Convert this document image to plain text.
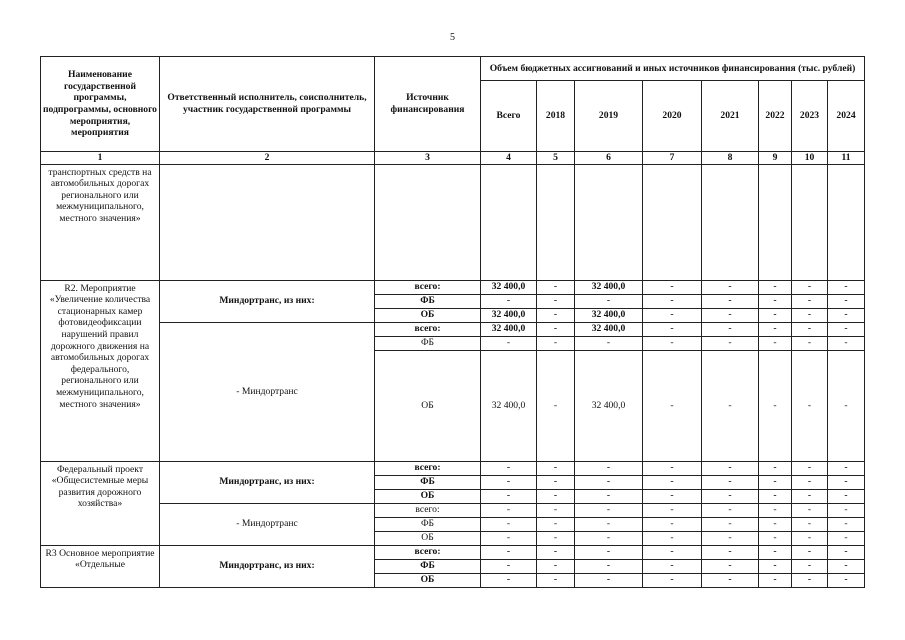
5
Наименование государственной программы, подпрограммы, основного мероприятия, мероприятия	Ответственный исполнитель, соисполнитель, участник государственной программы	Источник финансирования	Объем бюджетных ассигнований и иных источников финансирования (тыс. рублей)							
			Всего	2018	2019	2020	2021	2022	2023	2024
1	2	3	4	5	6	7	8	9	10	11
транспортных средств на автомобильных дорогах регионального или межмуниципального, местного значения»										
R2. Мероприятие «Увеличение количества стационарных камер фотовидеофиксации нарушений правил дорожного движения на автомобильных дорогах федерального, регионального или межмуниципального, местного значения»	Миндортранс, из них:	всего:	32 400,0	-	32 400,0	-	-	-	-	-
		ФБ	-	-	-	-	-	-	-	-
		ОБ	32 400,0	-	32 400,0	-	-	-	-	-
	- Миндортранс	всего:	32 400,0	-	32 400,0	-	-	-	-	-
		ФБ	-	-	-	-	-	-	-	-
		ОБ	32 400,0	-	32 400,0	-	-	-	-	-
Федеральный проект «Общесистемные меры развития дорожного хозяйства»	Миндортранс, из них:	всего:	-	-	-	-	-	-	-	-
		ФБ	-	-	-	-	-	-	-	-
		ОБ	-	-	-	-	-	-	-	-
	- Миндортранс	всего:	-	-	-	-	-	-	-	-
		ФБ	-	-	-	-	-	-	-	-
		ОБ	-	-	-	-	-	-	-	-
R3 Основное мероприятие «Отдельные	Миндортранс, из них:	всего:	-	-	-	-	-	-	-	-
		ФБ	-	-	-	-	-	-	-	-
		ОБ	-	-	-	-	-	-	-	-
